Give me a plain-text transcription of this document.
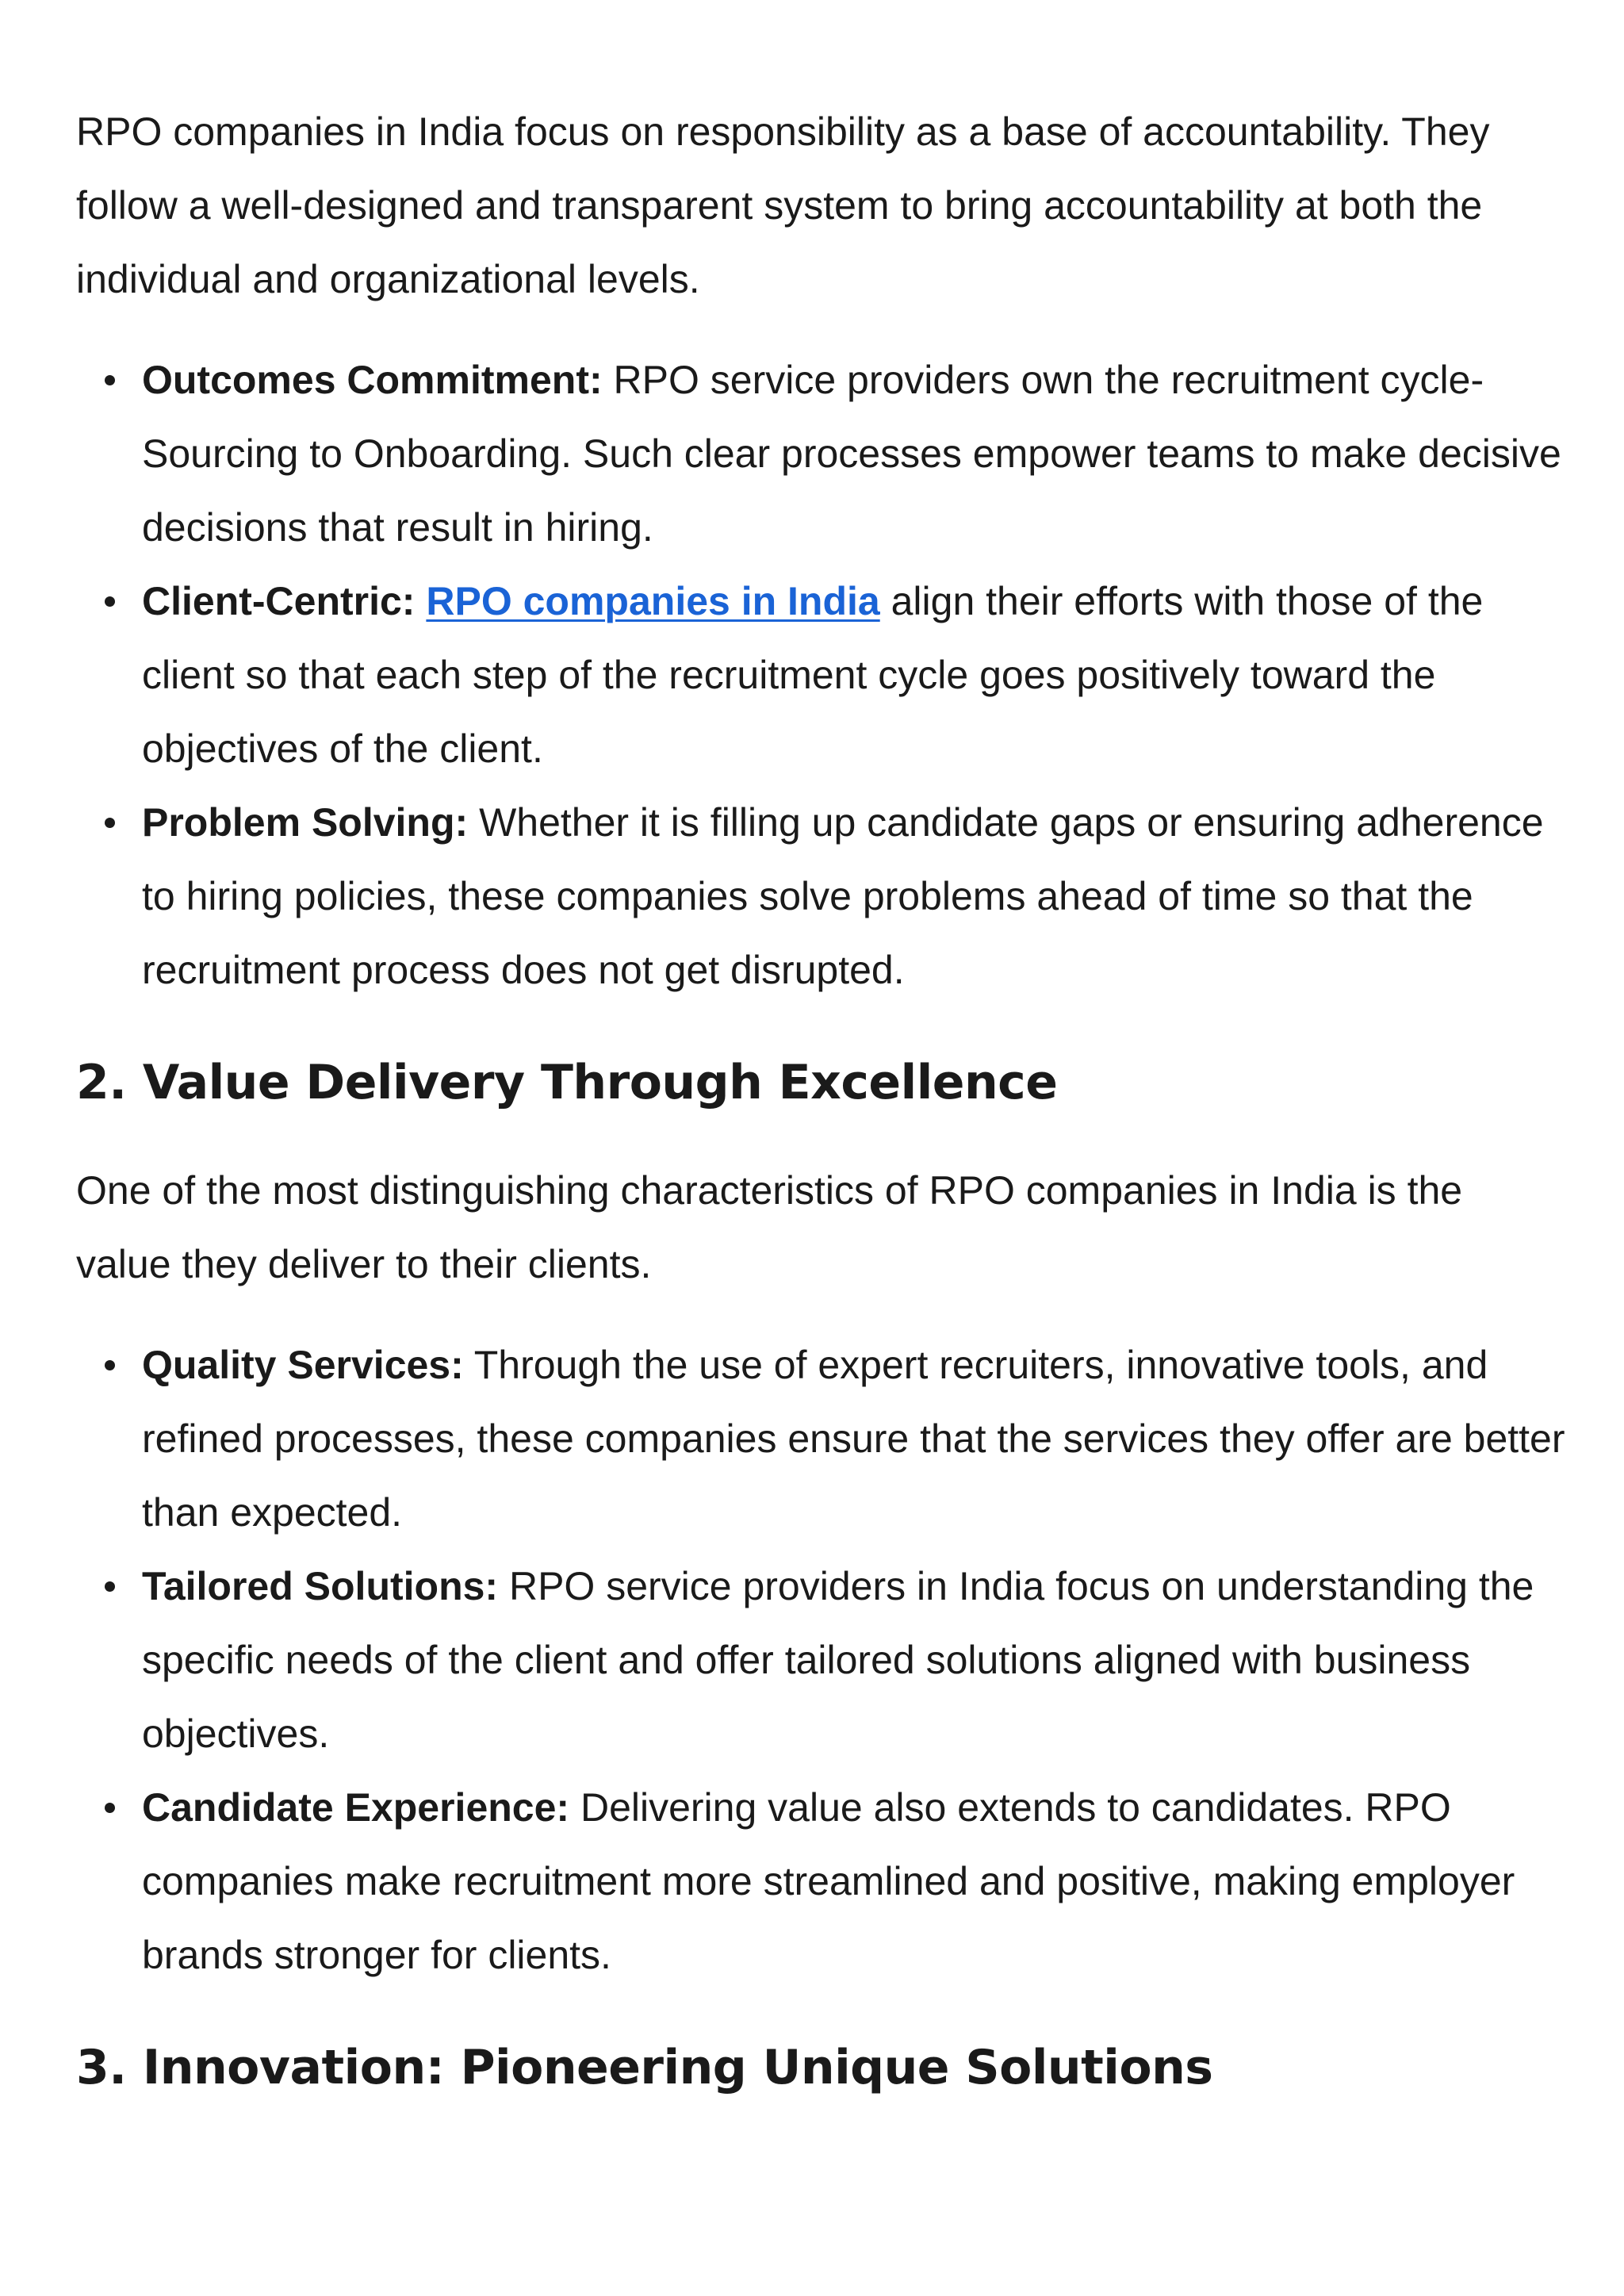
RPO companies in India focus on responsibility as a base of accountability. They follow a well-designed and transparent system to bring accountability at both the individual and organizational levels.

Outcomes Commitment: RPO service providers own the recruitment cycle-Sourcing to Onboarding. Such clear processes empower teams to make decisive decisions that result in hiring.
Client-Centric: RPO companies in India align their efforts with those of the client so that each step of the recruitment cycle goes positively toward the objectives of the client.
Problem Solving: Whether it is filling up candidate gaps or ensuring adherence to hiring policies, these companies solve problems ahead of time so that the recruitment process does not get disrupted.
2. Value Delivery Through Excellence

One of the most distinguishing characteristics of RPO companies in India is the value they deliver to their clients.

Quality Services: Through the use of expert recruiters, innovative tools, and refined processes, these companies ensure that the services they offer are better than expected.
Tailored Solutions: RPO service providers in India focus on understanding the specific needs of the client and offer tailored solutions aligned with business objectives.
Candidate Experience: Delivering value also extends to candidates. RPO companies make recruitment more streamlined and positive, making employer brands stronger for clients.
3. Innovation: Pioneering Unique Solutions
